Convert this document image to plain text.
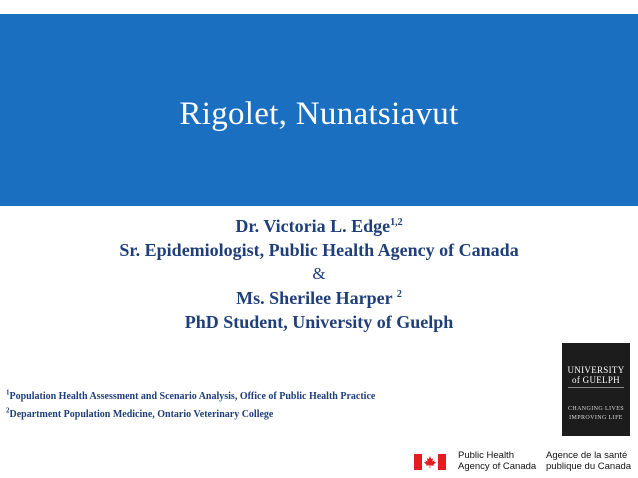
Rigolet, Nunatsiavut
Dr. Victoria L. Edge$^{1,2}$
Sr. Epidemiologist, Public Health Agency of Canada
&
Ms. Sherilee Harper $^2$
PhD Student, University of Guelph
$^1$Population Health Assessment and Scenario Analysis, Office of Public Health Practice
$^2$Department Population Medicine, Ontario Veterinary College
UNIVERSITY
of GUELPH
CHANGING LIVES
IMPROVING LIFE
Public Health
Agency of Canada
Agence de la santé
publique du Canada
